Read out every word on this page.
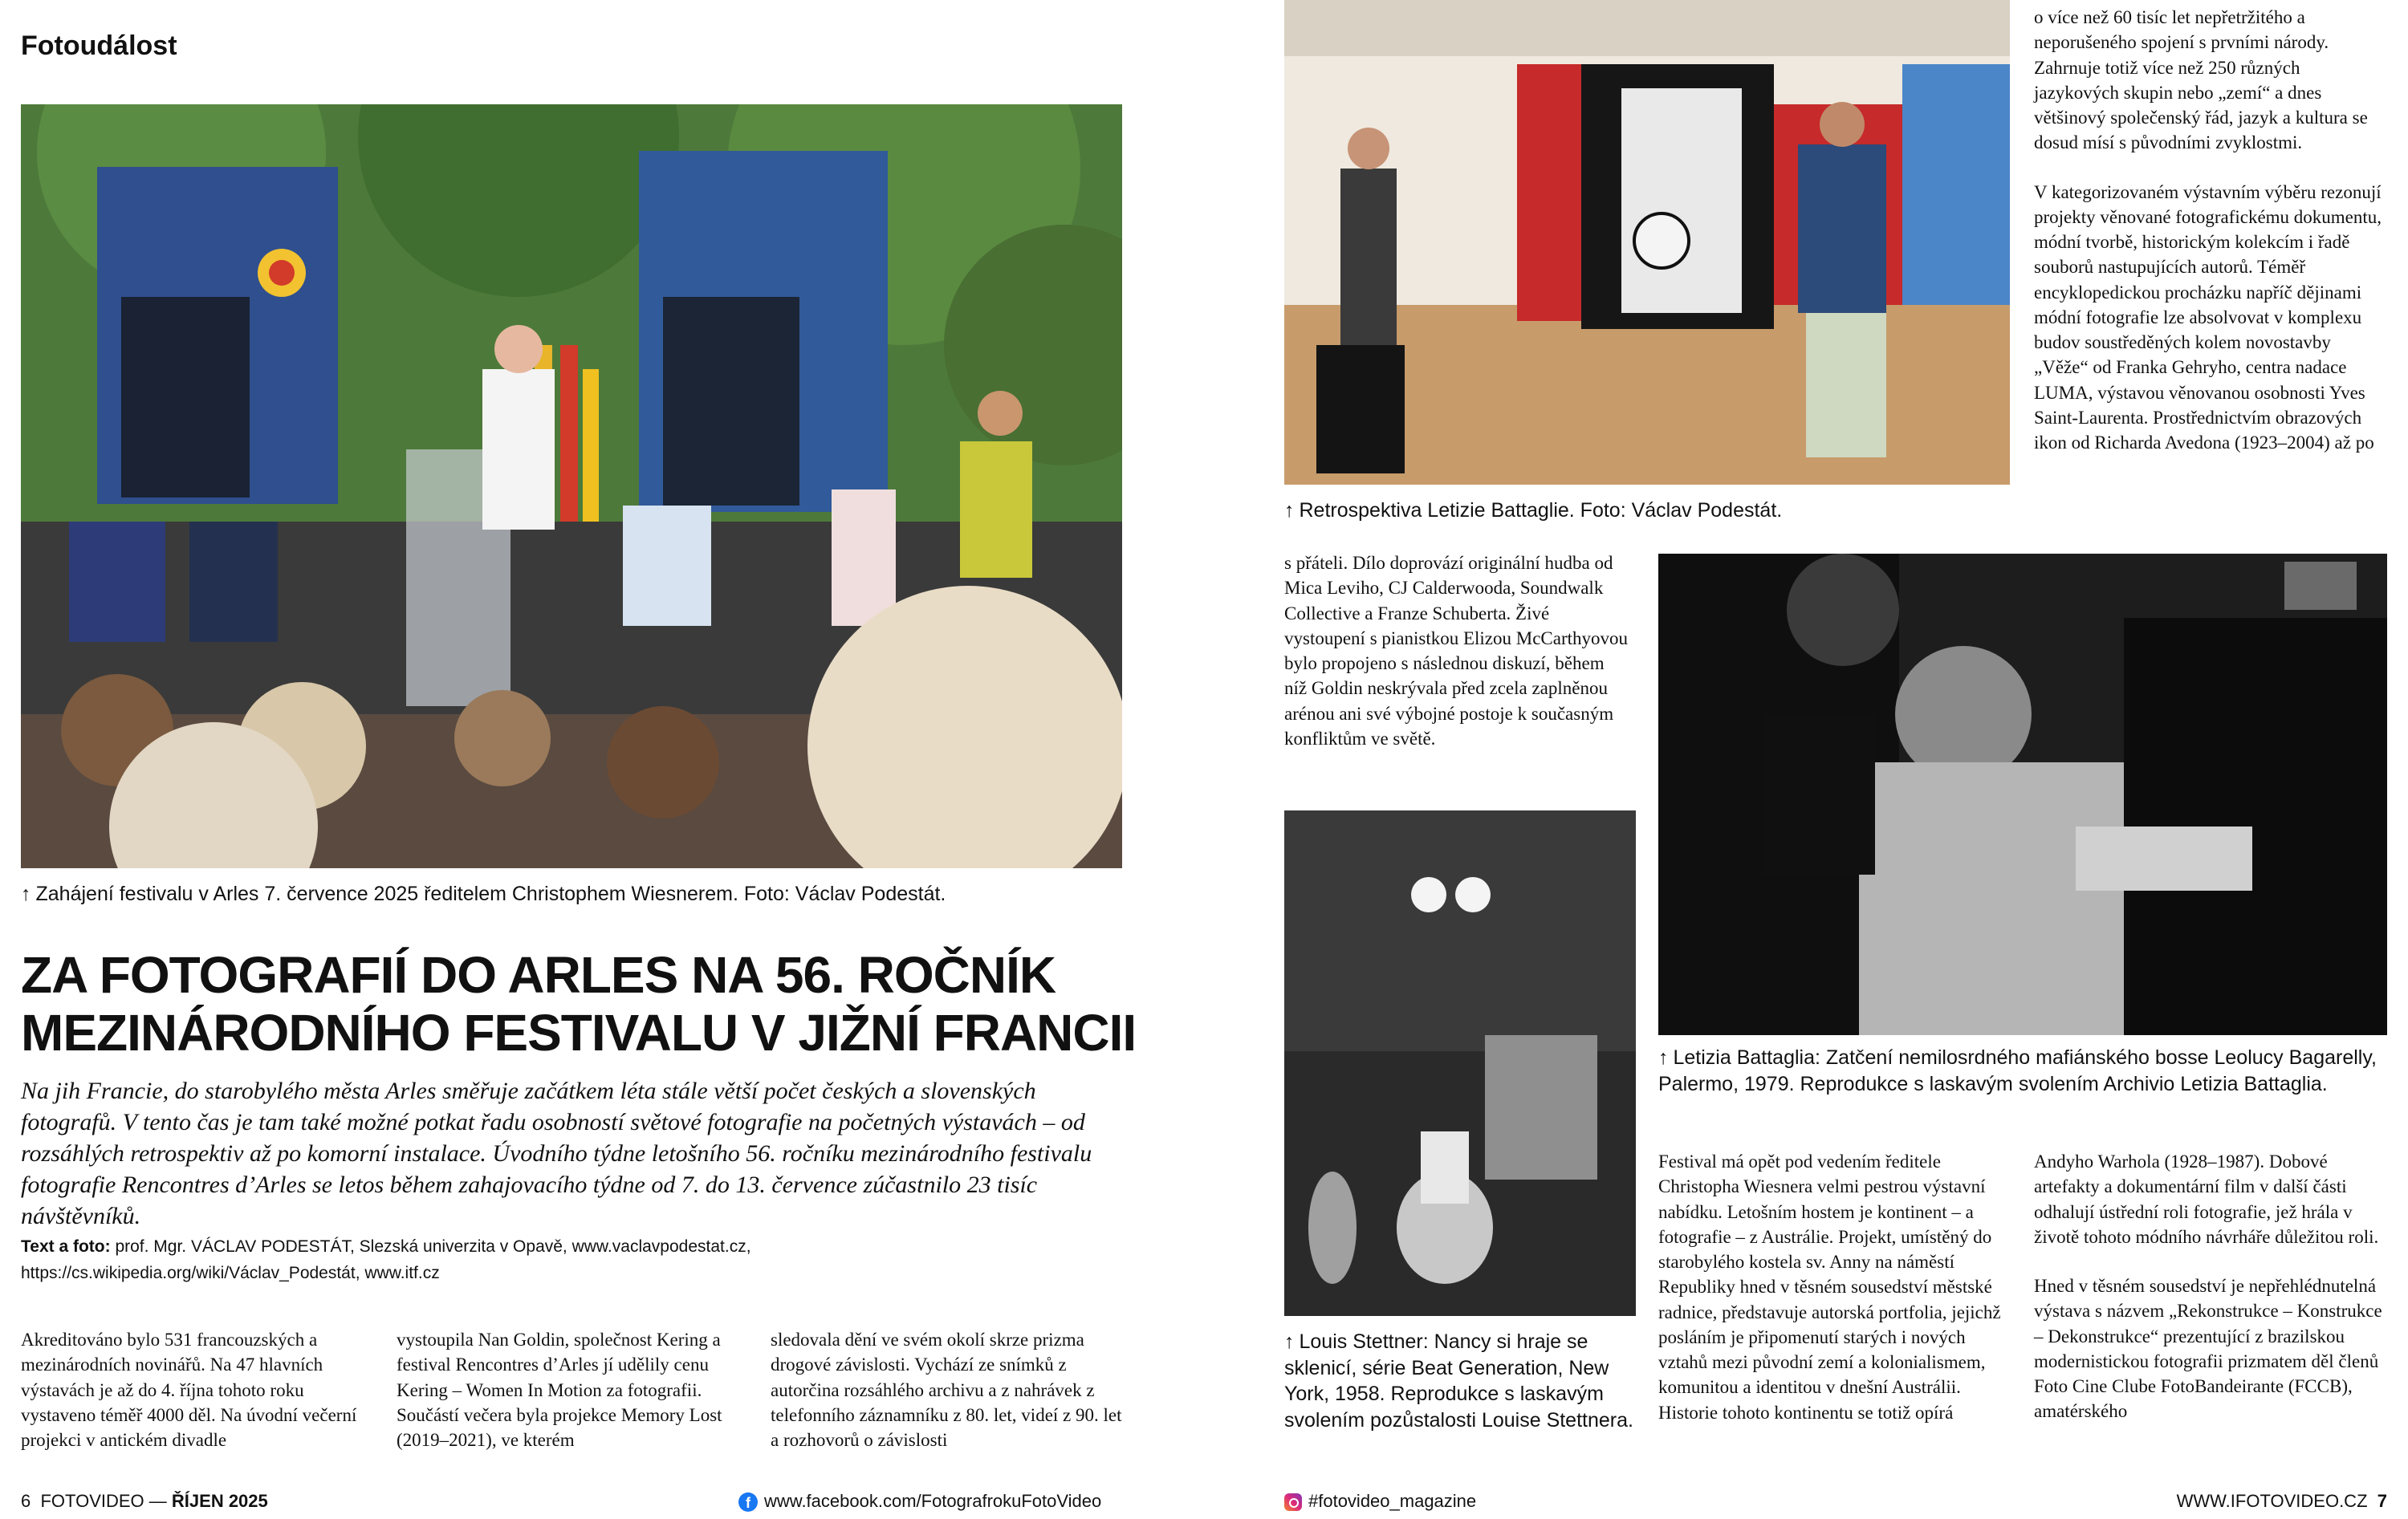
Fotoudálost
↑ Zahájení festivalu v Arles 7. července 2025 ředitelem Christophem Wiesnerem. Foto: Václav Podestát.
ZA FOTOGRAFIÍ DO ARLES NA 56. ROČNÍK
MEZINÁRODNÍHO FESTIVALU V JIŽNÍ FRANCII
Na jih Francie, do starobylého města Arles směřuje začátkem léta stále větší počet českých a slovenských fotografů. V tento čas je tam také možné potkat řadu osobností světové fotografie na početných výstavách – od rozsáhlých retrospektiv až po komorní instalace. Úvodního týdne letošního 56. ročníku mezinárodního festivalu fotografie Rencontres d’Arles se letos během zahajovacího týdne od 7. do 13. července zúčastnilo 23 tisíc návštěvníků.
Text a foto: prof. Mgr. VÁCLAV PODESTÁT, Slezská univerzita v Opavě, www.vaclavpodestat.cz,
https://cs.wikipedia.org/wiki/Václav_Podestát, www.itf.cz
Akreditováno bylo 531 francouzských a mezinárodních novinářů. Na 47 hlavních výstavách je až do 4. října tohoto roku vystaveno téměř 4000 děl. Na úvodní večerní projekci v antickém divadle
vystoupila Nan Goldin, společnost Kering a festival Rencontres d’Arles jí udělily cenu Kering – Women In Motion za fotografii. Součástí večera byla projekce Memory Lost (2019–2021), ve kterém
sledovala dění ve svém okolí skrze prizma drogové závislosti. Vychází ze snímků z autorčina rozsáhlého archivu a z nahrávek z telefonního záznamníku z 80. let, videí z 90. let a rozhovorů o závislosti
↑ Retrospektiva Letizie Battaglie. Foto: Václav Podestát.

o více než 60 tisíc let nepřetržitého a neporušeného spojení s prvními národy. Zahrnuje totiž více než 250 různých jazykových skupin nebo „zemí“ a dnes většinový společenský řád, jazyk a kultura se dosud mísí s původními zvyklostmi.

V kategorizovaném výstavním výběru rezonují projekty věnované fotografickému dokumentu, módní tvorbě, historickým kolekcím i řadě souborů nastupujících autorů. Téměř encyklopedickou procházku napříč dějinami módní fotografie lze absolvovat v komplexu budov soustředěných kolem novostavby „Věže“ od Franka Gehryho, centra nadace LUMA, výstavou věnovanou osobnosti Yves Saint-Laurenta. Prostřednictvím obrazových ikon od Richarda Avedona (1923–2004) až po

s přáteli. Dílo doprovází originální hudba od Mica Leviho, CJ Calderwooda, Soundwalk Collective a Franze Schuberta. Živé vystoupení s pianistkou Elizou McCarthyovou bylo propojeno s následnou diskuzí, během níž Goldin neskrývala před zcela zaplněnou arénou ani své výbojné postoje k současným konfliktům ve světě.
↑ Letizia Battaglia: Zatčení nemilosrdného mafiánského bosse Leolucy Bagarelly, Palermo, 1979. Reprodukce s laskavým svolením Archivio Letizia Battaglia.
↑ Louis Stettner: Nancy si hraje se sklenicí, série Beat Generation, New York, 1958. Reprodukce s laskavým svolením pozůstalosti Louise Stettnera.
Festival má opět pod vedením ředitele Christopha Wiesnera velmi pestrou výstavní nabídku. Letošním hostem je kontinent – a fotografie – z Austrálie. Projekt, umístěný do starobylého kostela sv. Anny na náměstí Republiky hned v těsném sousedství městské radnice, představuje autorská portfolia, jejichž posláním je připomenutí starých i nových vztahů mezi původní zemí a kolonialismem, komunitou a identitou v dnešní Austrálii. Historie tohoto kontinentu se totiž opírá

Andyho Warhola (1928–1987). Dobové artefakty a dokumentární film v další části odhalují ústřední roli fotografie, jež hrála v životě tohoto módního návrháře důležitou roli.

Hned v těsném sousedství je nepřehlédnutelná výstava s názvem „Rekonstrukce – Konstrukce – Dekonstrukce“ prezentující z brazilskou modernistickou fotografii prizmatem děl členů Foto Cine Clube FotoBandeirante (FCCB), amatérského

6 FOTOVIDEO — ŘÍJEN 2025	f www.facebook.com/FotografrokuFotoVideo	#fotovideo_magazine	WWW.IFOTOVIDEO.CZ 7
